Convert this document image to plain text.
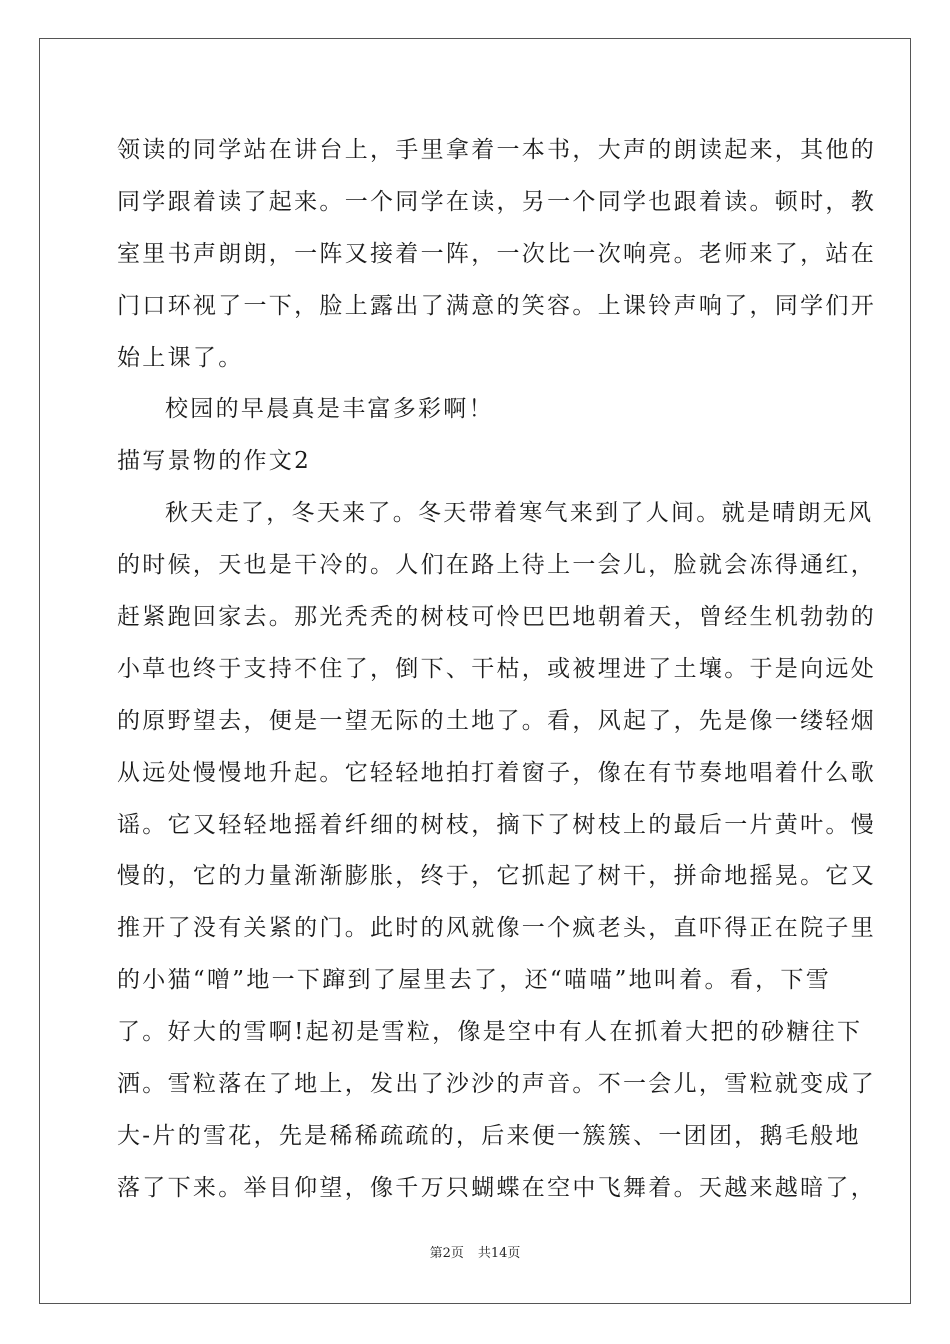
领读的同学站在讲台上，手里拿着一本书，大声的朗读起来，其他的
同学跟着读了起来。一个同学在读，另一个同学也跟着读。顿时，教
室里书声朗朗，一阵又接着一阵，一次比一次响亮。老师来了，站在
门口环视了一下，脸上露出了满意的笑容。上课铃声响了，同学们开
始上课了。
校园的早晨真是丰富多彩啊！
描写景物的作文2
秋天走了，冬天来了。冬天带着寒气来到了人间。就是晴朗无风
的时候，天也是干冷的。人们在路上待上一会儿，脸就会冻得通红，
赶紧跑回家去。那光秃秃的树枝可怜巴巴地朝着天，曾经生机勃勃的
小草也终于支持不住了，倒下、干枯，或被埋进了土壤。于是向远处
的原野望去，便是一望无际的土地了。看，风起了，先是像一缕轻烟
从远处慢慢地升起。它轻轻地拍打着窗子，像在有节奏地唱着什么歌
谣。它又轻轻地摇着纤细的树枝，摘下了树枝上的最后一片黄叶。慢
慢的，它的力量渐渐膨胀，终于，它抓起了树干，拼命地摇晃。它又
推开了没有关紧的门。此时的风就像一个疯老头，直吓得正在院子里
的小猫“噌”地一下蹿到了屋里去了，还“喵喵”地叫着。看，下雪
了。好大的雪啊!起初是雪粒，像是空中有人在抓着大把的砂糖往下
洒。雪粒落在了地上，发出了沙沙的声音。不一会儿，雪粒就变成了
大-片的雪花，先是稀稀疏疏的，后来便一簇簇、一团团，鹅毛般地
落了下来。举目仰望，像千万只蝴蝶在空中飞舞着。天越来越暗了，
第2页 共14页
